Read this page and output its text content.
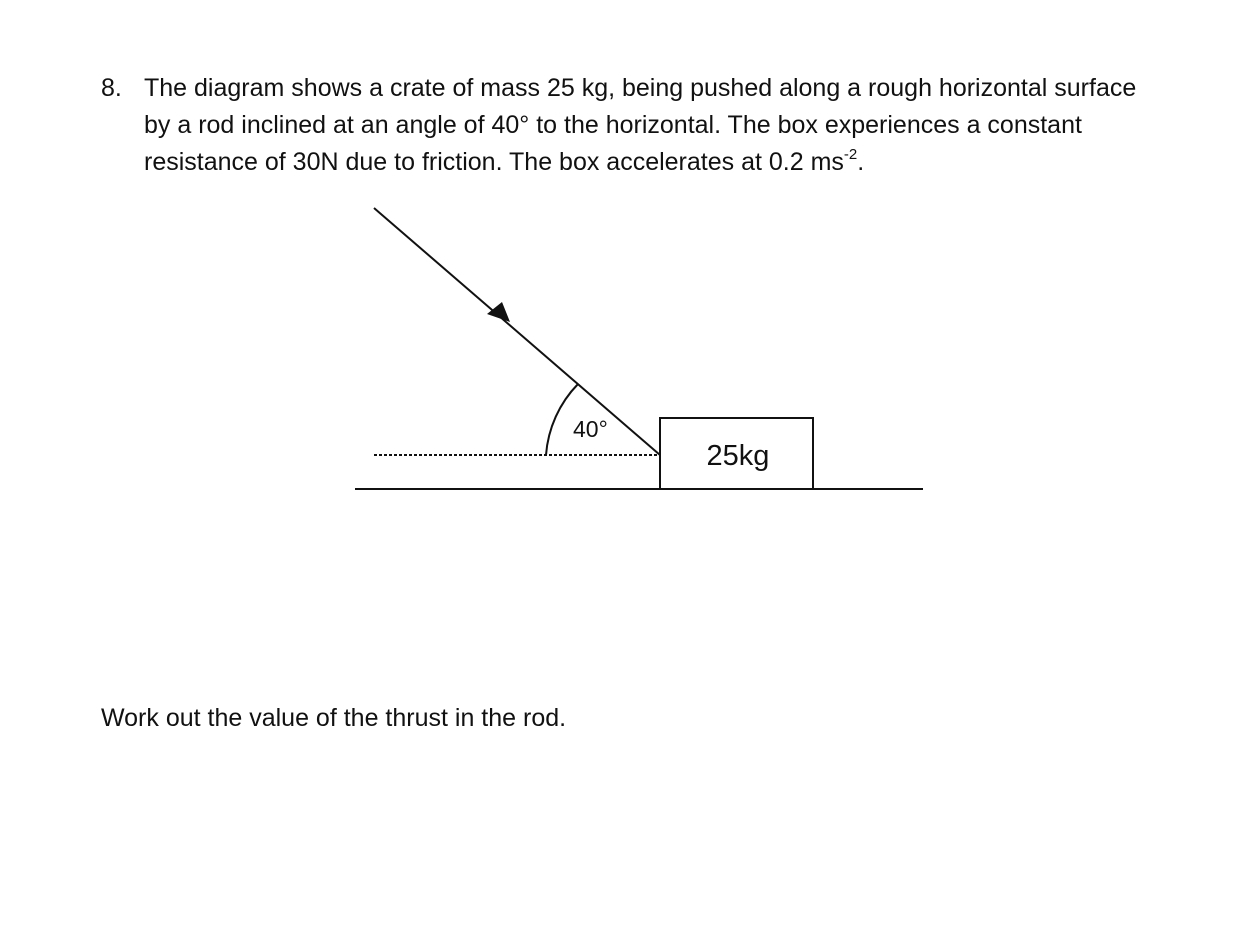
8. The diagram shows a crate of mass 25 kg, being pushed along a rough horizontal surface
by a rod inclined at an angle of 40° to the horizontal. The box experiences a constant
resistance of 30N due to friction. The box accelerates at 0.2 $ms^{-2}$.
40°
25kg
Work out the value of the thrust in the rod.
